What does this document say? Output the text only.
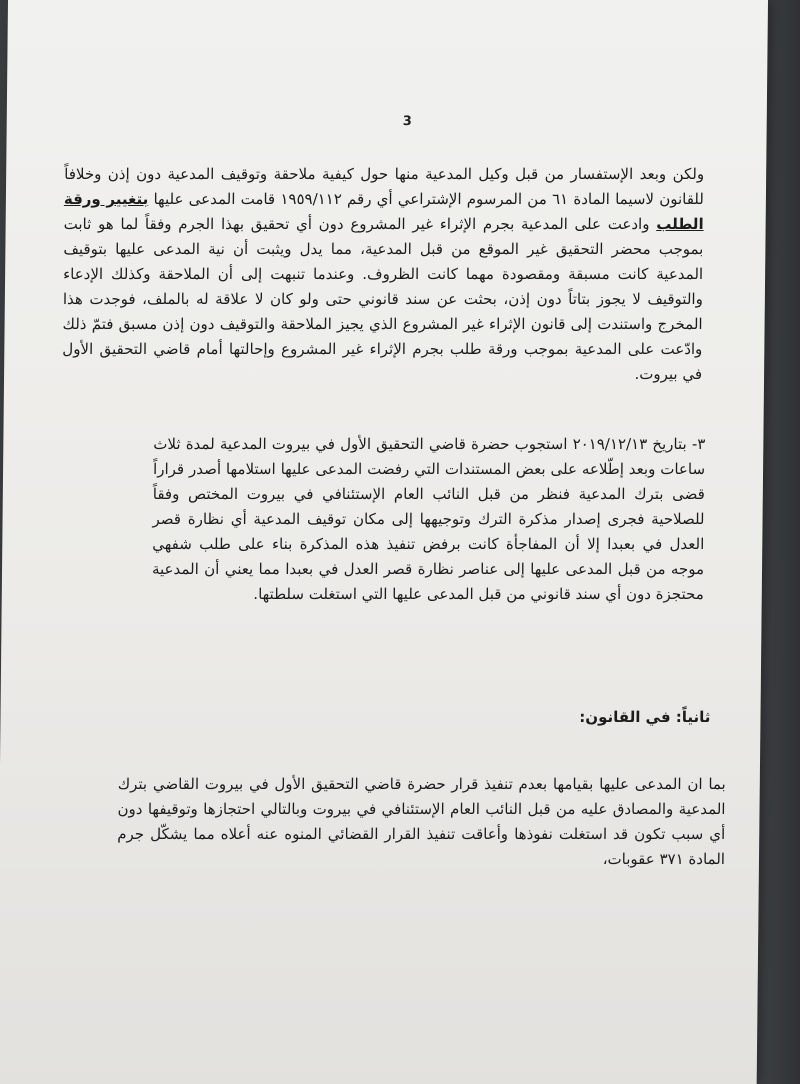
3

ولكن وبعد الإستفسار من قبل وكيل المدعية منها حول كيفية ملاحقة وتوقيف المدعية دون إذن وخلافاً للقانون لاسيما المادة ٦١ من المرسوم الإشتراعي أي رقم ١٩٥٩/١١٢ قامت المدعى عليها بتغيير ورقة الطلب وادعت على المدعية بجرم الإثراء غير المشروع دون أي تحقيق بهذا الجرم وفقاً لما هو ثابت بموجب محضر التحقيق غير الموقع من قبل المدعية، مما يدل ويثبت أن نية المدعى عليها بتوقيف المدعية كانت مسبقة ومقصودة مهما كانت الظروف. وعندما تنبهت إلى أن الملاحقة وكذلك الإدعاء والتوقيف لا يجوز بتاتاً دون إذن، بحثت عن سند قانوني حتى ولو كان لا علاقة له بالملف، فوجدت هذا المخرج واستندت إلى قانون الإثراء غير المشروع الذي يجيز الملاحقة والتوقيف دون إذن مسبق فتمّ ذلك وادّعت على المدعية بموجب ورقة طلب بجرم الإثراء غير المشروع وإحالتها أمام قاضي التحقيق الأول في بيروت.

٣- بتاريخ ٢٠١٩/١٢/١٣ استجوب حضرة قاضي التحقيق الأول في بيروت المدعية لمدة ثلاث ساعات وبعد إطّلاعه على بعض المستندات التي رفضت المدعى عليها استلامها أصدر قراراً قضى بترك المدعية فنظر من قبل النائب العام الإستئنافي في بيروت المختص وفقاً للصلاحية فجرى إصدار مذكرة الترك وتوجيهها إلى مكان توقيف المدعية أي نظارة قصر العدل في بعبدا إلا أن المفاجأة كانت برفض تنفيذ هذه المذكرة بناء على طلب شفهي موجه من قبل المدعى عليها إلى عناصر نظارة قصر العدل في بعبدا مما يعني أن المدعية محتجزة دون أي سند قانوني من قبل المدعى عليها التي استغلت سلطتها.

ثانياً: في القانون:

بما ان المدعى عليها بقيامها بعدم تنفيذ قرار حضرة قاضي التحقيق الأول في بيروت القاضي بترك المدعية والمصادق عليه من قبل النائب العام الإستئنافي في بيروت وبالتالي احتجازها وتوقيفها دون أي سبب تكون قد استغلت نفوذها وأعاقت تنفيذ القرار القضائي المنوه عنه أعلاه مما يشكّل جرم المادة ٣٧١ عقوبات،
